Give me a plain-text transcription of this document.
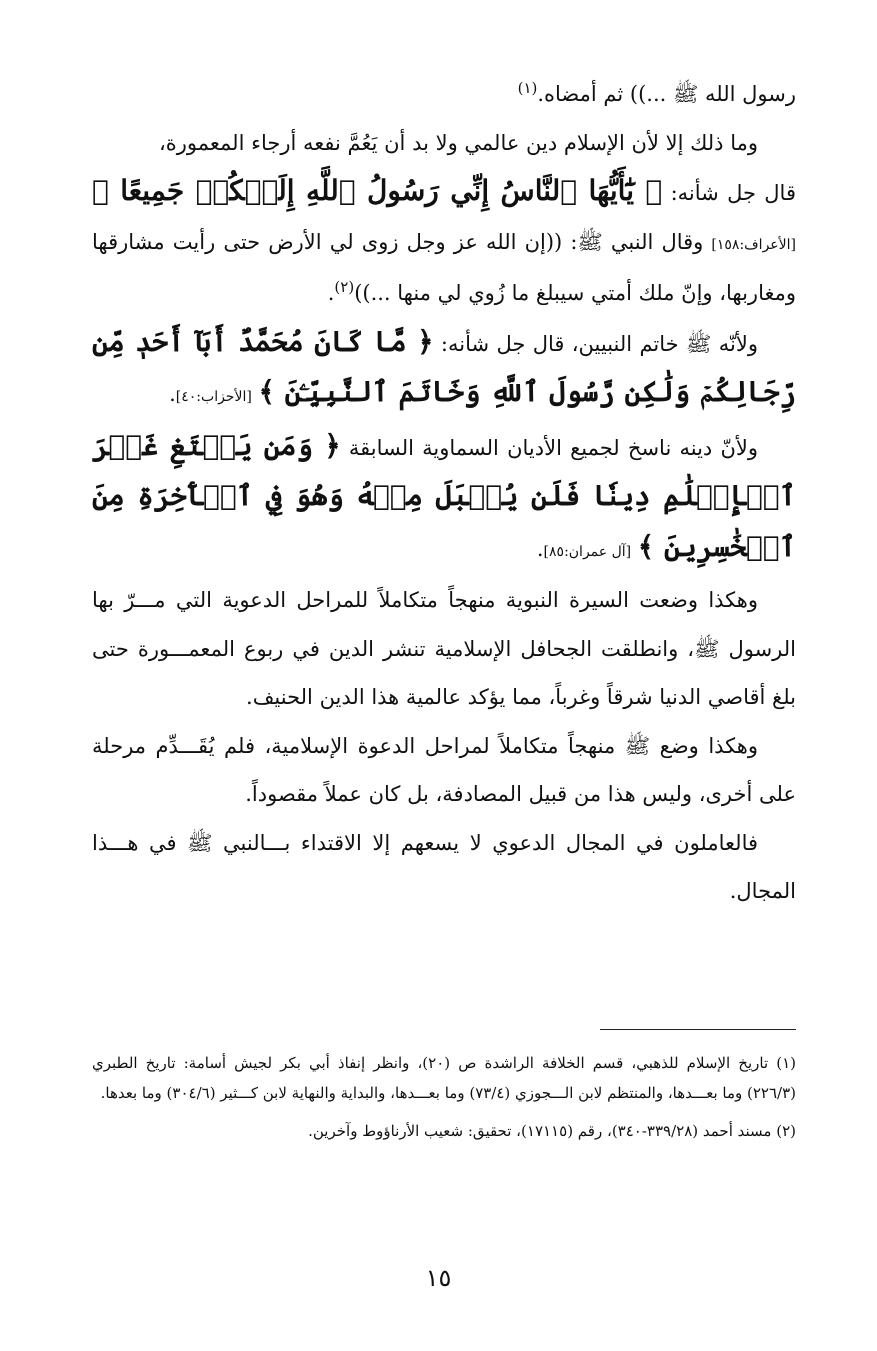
رسول الله ﷺ ...)) ثم أمضاه.$^{(١)}$

وما ذلك إلا لأن الإسلام دين عالمي ولا بد أن يَعُمَّ نفعه أرجاء المعمورة،

قال جل شأنه: ﴿ يَٰٓأَيُّهَا ٱلنَّاسُ إِنِّي رَسُولُ ٱللَّهِ إِلَيۡكُمۡ جَمِيعًا ﴾ [الأعراف:١٥٨] وقال النبي ﷺ: ((إن الله عز وجل زوى لي الأرض حتى رأيت مشارقها ومغاربها، وإنّ ملك أمتي سيبلغ ما زُوي لي منها ...))$^{(٢)}$.

ولأنّه ﷺ خاتم النبيين، قال جل شأنه: ﴿ مَّا كَانَ مُحَمَّدٌ أَبَآ أَحَدٖ مِّن رِّجَالِكُمۡ وَلَٰكِن رَّسُولَ ٱللَّهِ وَخَاتَمَ ٱلنَّبِيِّـۧنَ ﴾ [الأحزاب:٤٠].

ولأنّ دينه ناسخ لجميع الأديان السماوية السابقة ﴿ وَمَن يَبۡتَغِ غَيۡرَ ٱلۡإِسۡلَٰمِ دِينٗا فَلَن يُقۡبَلَ مِنۡهُ وَهُوَ فِي ٱلۡأٓخِرَةِ مِنَ ٱلۡخَٰسِرِينَ ﴾ [آل عمران:٨٥].

وهكذا وضعت السيرة النبوية منهجاً متكاملاً للمراحل الدعوية التي مـــرّ بها الرسول ﷺ، وانطلقت الجحافل الإسلامية تنشر الدين في ربوع المعمـــورة حتى بلغ أقاصي الدنيا شرقاً وغرباً، مما يؤكد عالمية هذا الدين الحنيف.

وهكذا وضع ﷺ منهجاً متكاملاً لمراحل الدعوة الإسلامية، فلم يُقَـــدِّم مرحلة على أخرى، وليس هذا من قبيل المصادفة، بل كان عملاً مقصوداً.

فالعاملون في المجال الدعوي لا يسعهم إلا الاقتداء بـــالنبي ﷺ في هـــذا المجال.

(١) تاريخ الإسلام للذهبي، قسم الخلافة الراشدة ص (٢٠)، وانظر إنفاذ أبي بكر لجيش أسامة: تاريخ الطبري (٢٢٦/٣) وما بعـــدها، والمنتظم لابن الـــجوزي (٧٣/٤) وما بعـــدها، والبداية والنهاية لابن كـــثير (٣٠٤/٦) وما بعدها.

(٢) مسند أحمد (٣٣٩/٢٨-٣٤٠)، رقم (١٧١١٥)، تحقيق: شعيب الأرناؤوط وآخرين.

١٥
